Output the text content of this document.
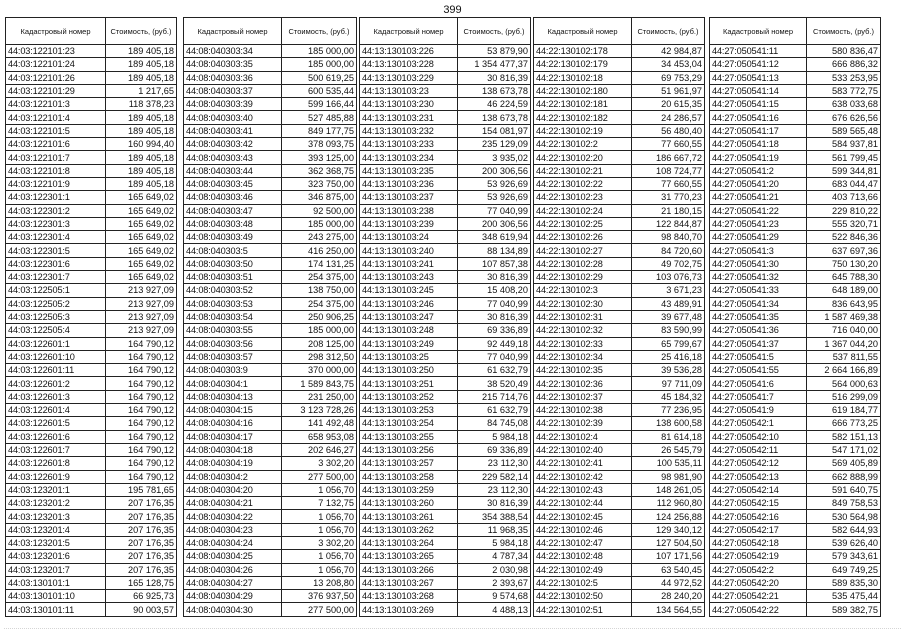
399
Кадастровый номер	Стоимость, (руб.)
44:03:122101:23	189 405,18
44:03:122101:24	189 405,18
44:03:122101:26	189 405,18
44:03:122101:29	1 217,65
44:03:122101:3	118 378,23
44:03:122101:4	189 405,18
44:03:122101:5	189 405,18
44:03:122101:6	160 994,40
44:03:122101:7	189 405,18
44:03:122101:8	189 405,18
44:03:122101:9	189 405,18
44:03:122301:1	165 649,02
44:03:122301:2	165 649,02
44:03:122301:3	165 649,02
44:03:122301:4	165 649,02
44:03:122301:5	165 649,02
44:03:122301:6	165 649,02
44:03:122301:7	165 649,02
44:03:122505:1	213 927,09
44:03:122505:2	213 927,09
44:03:122505:3	213 927,09
44:03:122505:4	213 927,09
44:03:122601:1	164 790,12
44:03:122601:10	164 790,12
44:03:122601:11	164 790,12
44:03:122601:2	164 790,12
44:03:122601:3	164 790,12
44:03:122601:4	164 790,12
44:03:122601:5	164 790,12
44:03:122601:6	164 790,12
44:03:122601:7	164 790,12
44:03:122601:8	164 790,12
44:03:122601:9	164 790,12
44:03:123201:1	195 781,65
44:03:123201:2	207 176,35
44:03:123201:3	207 176,35
44:03:123201:4	207 176,35
44:03:123201:5	207 176,35
44:03:123201:6	207 176,35
44:03:123201:7	207 176,35
44:03:130101:1	165 128,75
44:03:130101:10	66 925,73
44:03:130101:11	90 003,57
Кадастровый номер	Стоимость, (руб.)
44:08:040303:34	185 000,00
44:08:040303:35	185 000,00
44:08:040303:36	500 619,25
44:08:040303:37	600 535,44
44:08:040303:39	599 166,44
44:08:040303:40	527 485,88
44:08:040303:41	849 177,75
44:08:040303:42	378 093,75
44:08:040303:43	393 125,00
44:08:040303:44	362 368,75
44:08:040303:45	323 750,00
44:08:040303:46	346 875,00
44:08:040303:47	92 500,00
44:08:040303:48	185 000,00
44:08:040303:49	243 275,00
44:08:040303:5	416 250,00
44:08:040303:50	174 131,25
44:08:040303:51	254 375,00
44:08:040303:52	138 750,00
44:08:040303:53	254 375,00
44:08:040303:54	250 906,25
44:08:040303:55	185 000,00
44:08:040303:56	208 125,00
44:08:040303:57	298 312,50
44:08:040303:9	370 000,00
44:08:040304:1	1 589 843,75
44:08:040304:13	231 250,00
44:08:040304:15	3 123 728,26
44:08:040304:16	141 492,48
44:08:040304:17	658 953,08
44:08:040304:18	202 646,27
44:08:040304:19	3 302,20
44:08:040304:2	277 500,00
44:08:040304:20	1 056,70
44:08:040304:21	7 132,75
44:08:040304:22	1 056,70
44:08:040304:23	1 056,70
44:08:040304:24	3 302,20
44:08:040304:25	1 056,70
44:08:040304:26	1 056,70
44:08:040304:27	13 208,80
44:08:040304:29	376 937,50
44:08:040304:30	277 500,00
Кадастровый номер	Стоимость, (руб.)
44:13:130103:226	53 879,90
44:13:130103:228	1 354 477,37
44:13:130103:229	30 816,39
44:13:130103:23	138 673,78
44:13:130103:230	46 224,59
44:13:130103:231	138 673,78
44:13:130103:232	154 081,97
44:13:130103:233	235 129,09
44:13:130103:234	3 935,02
44:13:130103:235	200 306,56
44:13:130103:236	53 926,69
44:13:130103:237	53 926,69
44:13:130103:238	77 040,99
44:13:130103:239	200 306,56
44:13:130103:24	348 619,94
44:13:130103:240	88 134,89
44:13:130103:241	107 857,38
44:13:130103:243	30 816,39
44:13:130103:245	15 408,20
44:13:130103:246	77 040,99
44:13:130103:247	30 816,39
44:13:130103:248	69 336,89
44:13:130103:249	92 449,18
44:13:130103:25	77 040,99
44:13:130103:250	61 632,79
44:13:130103:251	38 520,49
44:13:130103:252	215 714,76
44:13:130103:253	61 632,79
44:13:130103:254	84 745,08
44:13:130103:255	5 984,18
44:13:130103:256	69 336,89
44:13:130103:257	23 112,30
44:13:130103:258	229 582,14
44:13:130103:259	23 112,30
44:13:130103:260	30 816,39
44:13:130103:261	354 388,54
44:13:130103:262	11 968,35
44:13:130103:264	5 984,18
44:13:130103:265	4 787,34
44:13:130103:266	2 030,98
44:13:130103:267	2 393,67
44:13:130103:268	9 574,68
44:13:130103:269	4 488,13
Кадастровый номер	Стоимость, (руб.)
44:22:130102:178	42 984,87
44:22:130102:179	34 453,04
44:22:130102:18	69 753,29
44:22:130102:180	51 961,97
44:22:130102:181	20 615,35
44:22:130102:182	24 286,57
44:22:130102:19	56 480,40
44:22:130102:2	77 660,55
44:22:130102:20	186 667,72
44:22:130102:21	108 724,77
44:22:130102:22	77 660,55
44:22:130102:23	31 770,23
44:22:130102:24	21 180,15
44:22:130102:25	122 844,87
44:22:130102:26	98 840,70
44:22:130102:27	84 720,60
44:22:130102:28	49 702,75
44:22:130102:29	103 076,73
44:22:130102:3	3 671,23
44:22:130102:30	43 489,91
44:22:130102:31	39 677,48
44:22:130102:32	83 590,99
44:22:130102:33	65 799,67
44:22:130102:34	25 416,18
44:22:130102:35	39 536,28
44:22:130102:36	97 711,09
44:22:130102:37	45 184,32
44:22:130102:38	77 236,95
44:22:130102:39	138 600,58
44:22:130102:4	81 614,18
44:22:130102:40	26 545,79
44:22:130102:41	100 535,11
44:22:130102:42	98 981,90
44:22:130102:43	148 261,05
44:22:130102:44	112 960,80
44:22:130102:45	124 256,88
44:22:130102:46	129 340,12
44:22:130102:47	127 504,50
44:22:130102:48	107 171,56
44:22:130102:49	63 540,45
44:22:130102:5	44 972,52
44:22:130102:50	28 240,20
44:22:130102:51	134 564,55
Кадастровый номер	Стоимость, (руб.)
44:27:050541:11	580 836,47
44:27:050541:12	666 886,32
44:27:050541:13	533 253,95
44:27:050541:14	583 772,75
44:27:050541:15	638 033,68
44:27:050541:16	676 626,56
44:27:050541:17	589 565,48
44:27:050541:18	584 937,81
44:27:050541:19	561 799,45
44:27:050541:2	599 344,81
44:27:050541:20	683 044,47
44:27:050541:21	403 713,66
44:27:050541:22	229 810,22
44:27:050541:23	555 320,71
44:27:050541:29	522 846,36
44:27:050541:3	637 697,36
44:27:050541:30	750 130,20
44:27:050541:32	645 788,30
44:27:050541:33	648 189,00
44:27:050541:34	836 643,95
44:27:050541:35	1 587 469,38
44:27:050541:36	716 040,00
44:27:050541:37	1 367 044,20
44:27:050541:5	537 811,55
44:27:050541:55	2 664 166,89
44:27:050541:6	564 000,63
44:27:050541:7	516 299,09
44:27:050541:9	619 184,77
44:27:050542:1	666 773,25
44:27:050542:10	582 151,13
44:27:050542:11	547 171,02
44:27:050542:12	569 405,89
44:27:050542:13	662 888,99
44:27:050542:14	591 640,75
44:27:050542:15	849 758,53
44:27:050542:16	530 564,98
44:27:050542:17	582 644,93
44:27:050542:18	539 626,40
44:27:050542:19	579 343,61
44:27:050542:2	649 749,25
44:27:050542:20	589 835,30
44:27:050542:21	535 475,44
44:27:050542:22	589 382,75
